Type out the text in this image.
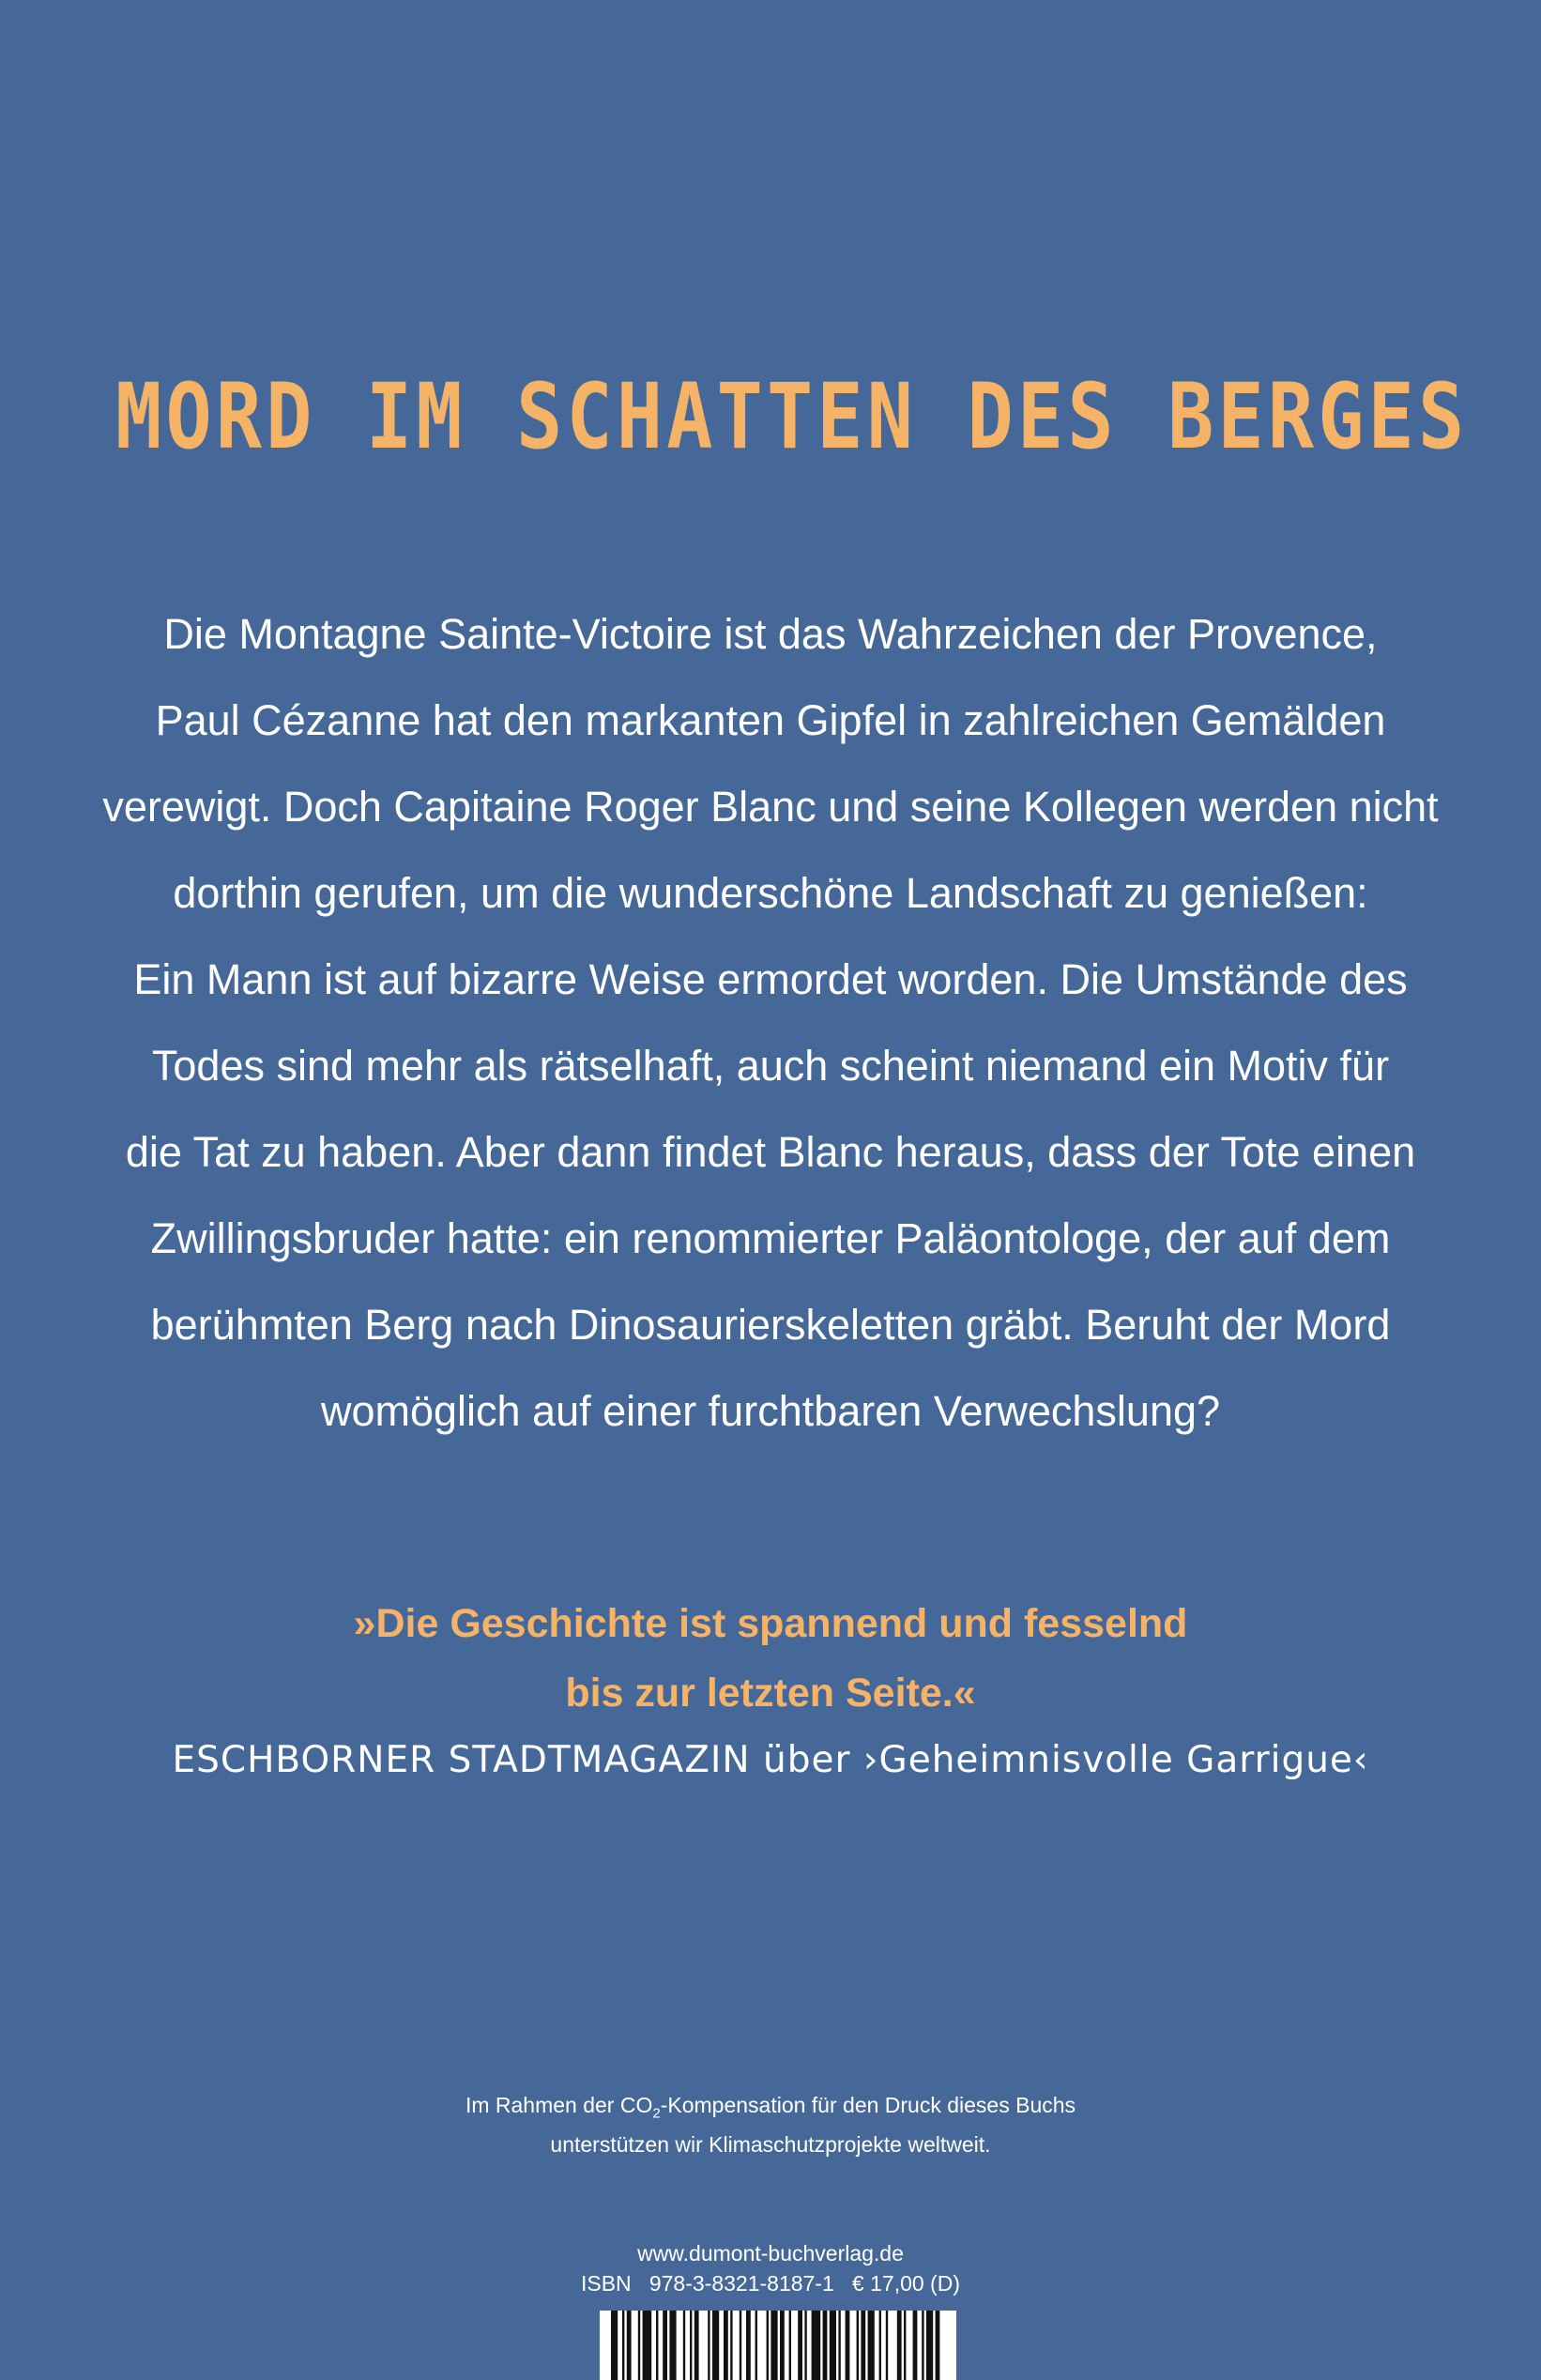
MORD IM SCHATTEN DES BERGES
Die Montagne Sainte-Victoire ist das Wahrzeichen der Provence,
Paul Cézanne hat den markanten Gipfel in zahlreichen Gemälden
verewigt. Doch Capitaine Roger Blanc und seine Kollegen werden nicht
dorthin gerufen, um die wunderschöne Landschaft zu genießen:
Ein Mann ist auf bizarre Weise ermordet worden. Die Umstände des
Todes sind mehr als rätselhaft, auch scheint niemand ein Motiv für
die Tat zu haben. Aber dann findet Blanc heraus, dass der Tote einen
Zwillingsbruder hatte: ein renommierter Paläontologe, der auf dem
berühmten Berg nach Dinosaurierskeletten gräbt. Beruht der Mord
womöglich auf einer furchtbaren Verwechslung?
»Die Geschichte ist spannend und fesselnd
bis zur letzten Seite.«
ESCHBORNER STADTMAGAZIN über ›Geheimnisvolle Garrigue‹
Im Rahmen der $CO_2$-Kompensation für den Druck dieses Buchs
unterstützen wir Klimaschutzprojekte weltweit.
www.dumont-buchverlag.de
ISBN   978-3-8321-8187-1   € 17,00 (D)
